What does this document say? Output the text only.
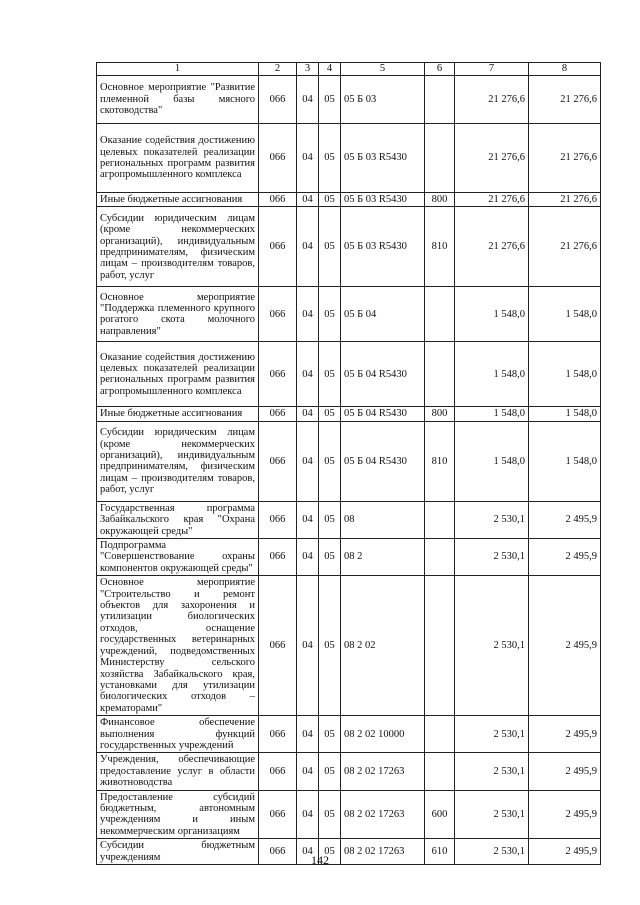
1	2	3	4	5	6	7	8
Основное мероприятие "Развитие племенной базы мясного скотоводства"	066	04	05	05 Б 03		21 276,6	21 276,6
Оказание содействия достижению целевых показателей реализации региональных программ развития агропромышленного комплекса	066	04	05	05 Б 03 R5430		21 276,6	21 276,6
Иные бюджетные ассигнования	066	04	05	05 Б 03 R5430	800	21 276,6	21 276,6
Субсидии юридическим лицам (кроме некоммерческих организаций), индивидуальным предпринимателям, физическим лицам – производителям товаров, работ, услуг	066	04	05	05 Б 03 R5430	810	21 276,6	21 276,6
Основное мероприятие "Поддержка племенного крупного рогатого скота молочного направления"	066	04	05	05 Б 04		1 548,0	1 548,0
Оказание содействия достижению целевых показателей реализации региональных программ развития агропромышленного комплекса	066	04	05	05 Б 04 R5430		1 548,0	1 548,0
Иные бюджетные ассигнования	066	04	05	05 Б 04 R5430	800	1 548,0	1 548,0
Субсидии юридическим лицам (кроме некоммерческих организаций), индивидуальным предпринимателям, физическим лицам – производителям товаров, работ, услуг	066	04	05	05 Б 04 R5430	810	1 548,0	1 548,0
Государственная программа Забайкальского края "Охрана окружающей среды"	066	04	05	08		2 530,1	2 495,9
Подпрограмма "Совершенствование охраны компонентов окружающей среды"	066	04	05	08 2		2 530,1	2 495,9
Основное мероприятие "Строительство и ремонт объектов для захоронения и утилизации биологических отходов, оснащение государственных ветеринарных учреждений, подведомственных Министерству сельского хозяйства Забайкальского края, установками для утилизации биологических отходов – крематорами"	066	04	05	08 2 02		2 530,1	2 495,9
Финансовое обеспечение выполнения функций государственных учреждений	066	04	05	08 2 02 10000		2 530,1	2 495,9
Учреждения, обеспечивающие предоставление услуг в области животноводства	066	04	05	08 2 02 17263		2 530,1	2 495,9
Предоставление субсидий бюджетным, автономным учреждениям и иным некоммерческим организациям	066	04	05	08 2 02 17263	600	2 530,1	2 495,9
Субсидии бюджетным учреждениям	066	04	05	08 2 02 17263	610	2 530,1	2 495,9
142
